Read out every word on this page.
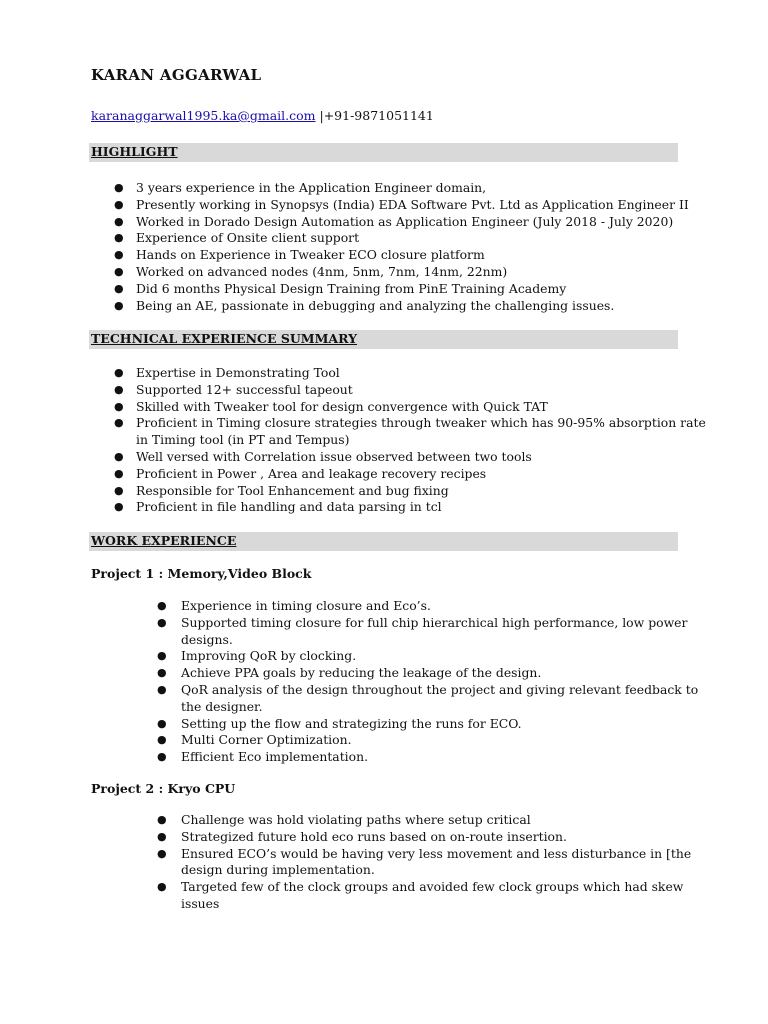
KARAN AGGARWAL
karanaggarwal1995.ka@gmail.com |+91-9871051141
HIGHLIGHT
● 3 years experience in the Application Engineer domain,
● Presently working in Synopsys (India) EDA Software Pvt. Ltd as Application Engineer II
● Worked in Dorado Design Automation as Application Engineer (July 2018 - July 2020)
● Experience of Onsite client support
● Hands on Experience in Tweaker ECO closure platform
● Worked on advanced nodes (4nm, 5nm, 7nm, 14nm, 22nm)
● Did 6 months Physical Design Training from PinE Training Academy
● Being an AE, passionate in debugging and analyzing the challenging issues.
TECHNICAL EXPERIENCE SUMMARY
● Expertise in Demonstrating Tool
● Supported 12+ successful tapeout
● Skilled with Tweaker tool for design convergence with Quick TAT
● Proficient in Timing closure strategies through tweaker which has 90-95% absorption rate
in Timing tool (in PT and Tempus)
● Well versed with Correlation issue observed between two tools
● Proficient in Power , Area and leakage recovery recipes
● Responsible for Tool Enhancement and bug fixing
● Proficient in file handling and data parsing in tcl
WORK EXPERIENCE
Project 1 : Memory,Video Block
● Experience in timing closure and Eco’s.
● Supported timing closure for full chip hierarchical high performance, low power
designs.
● Improving QoR by clocking.
● Achieve PPA goals by reducing the leakage of the design.
● QoR analysis of the design throughout the project and giving relevant feedback to
the designer.
● Setting up the flow and strategizing the runs for ECO.
● Multi Corner Optimization.
● Efficient Eco implementation.
Project 2 : Kryo CPU
● Challenge was hold violating paths where setup critical
● Strategized future hold eco runs based on on-route insertion.
● Ensured ECO’s would be having very less movement and less disturbance in [the
design during implementation.
● Targeted few of the clock groups and avoided few clock groups which had skew
issues
